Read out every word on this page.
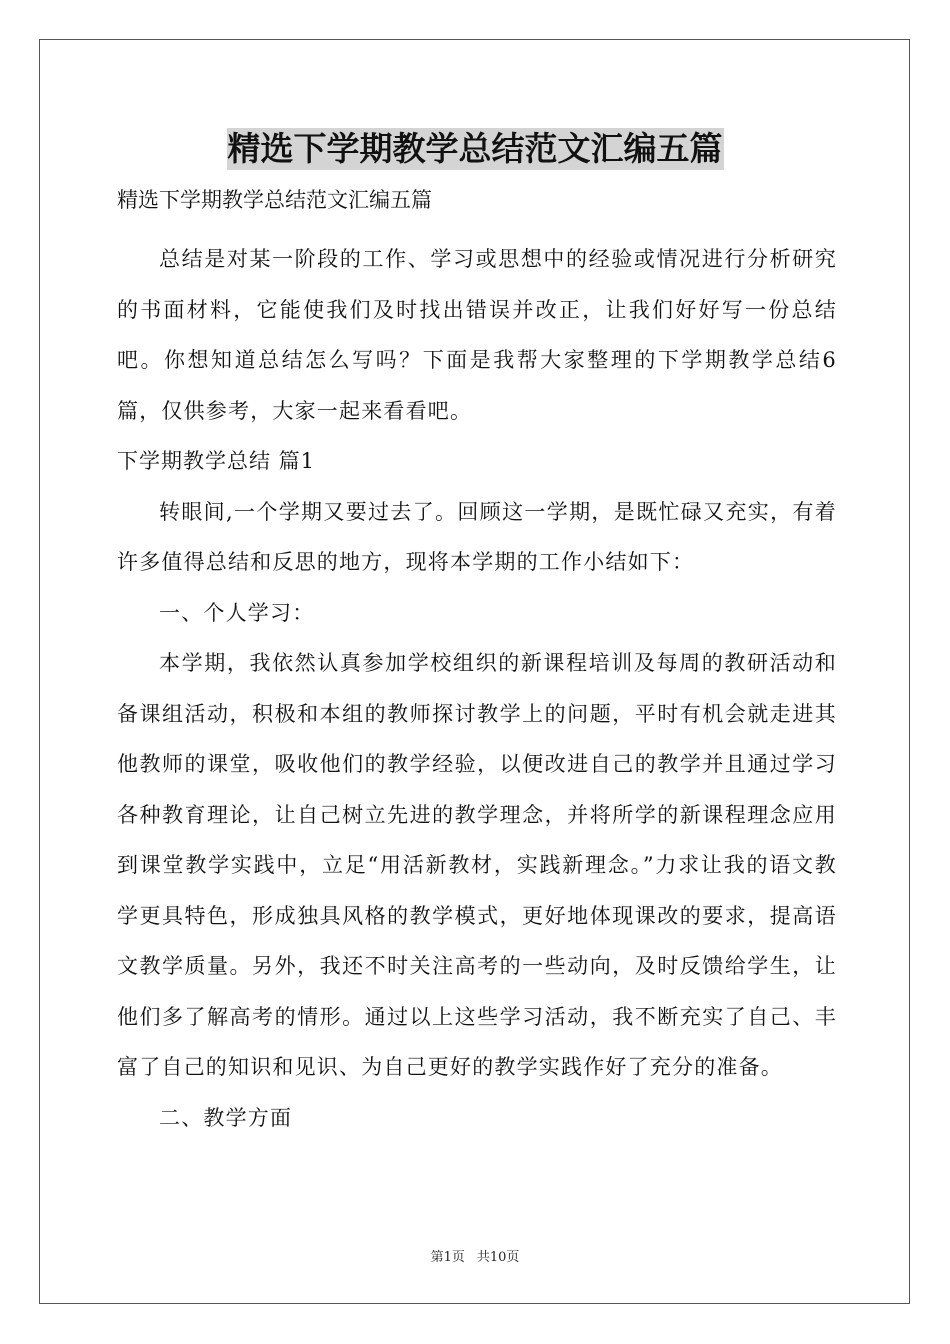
精选下学期教学总结范文汇编五篇

精选下学期教学总结范文汇编五篇

总结是对某一阶段的工作、学习或思想中的经验或情况进行分析研究的书面材料，它能使我们及时找出错误并改正，让我们好好写一份总结吧。你想知道总结怎么写吗？下面是我帮大家整理的下学期教学总结6篇，仅供参考，大家一起来看看吧。

下学期教学总结 篇1

转眼间,一个学期又要过去了。回顾这一学期，是既忙碌又充实，有着许多值得总结和反思的地方，现将本学期的工作小结如下：

一、个人学习：

本学期，我依然认真参加学校组织的新课程培训及每周的教研活动和备课组活动，积极和本组的教师探讨教学上的问题，平时有机会就走进其他教师的课堂，吸收他们的教学经验，以便改进自己的教学并且通过学习各种教育理论，让自己树立先进的教学理念，并将所学的新课程理念应用到课堂教学实践中，立足“用活新教材，实践新理念。”力求让我的语文教学更具特色，形成独具风格的教学模式，更好地体现课改的要求，提高语文教学质量。另外，我还不时关注高考的一些动向，及时反馈给学生，让他们多了解高考的情形。通过以上这些学习活动，我不断充实了自己、丰富了自己的知识和见识、为自己更好的教学实践作好了充分的准备。

二、教学方面

第1页 共10页
